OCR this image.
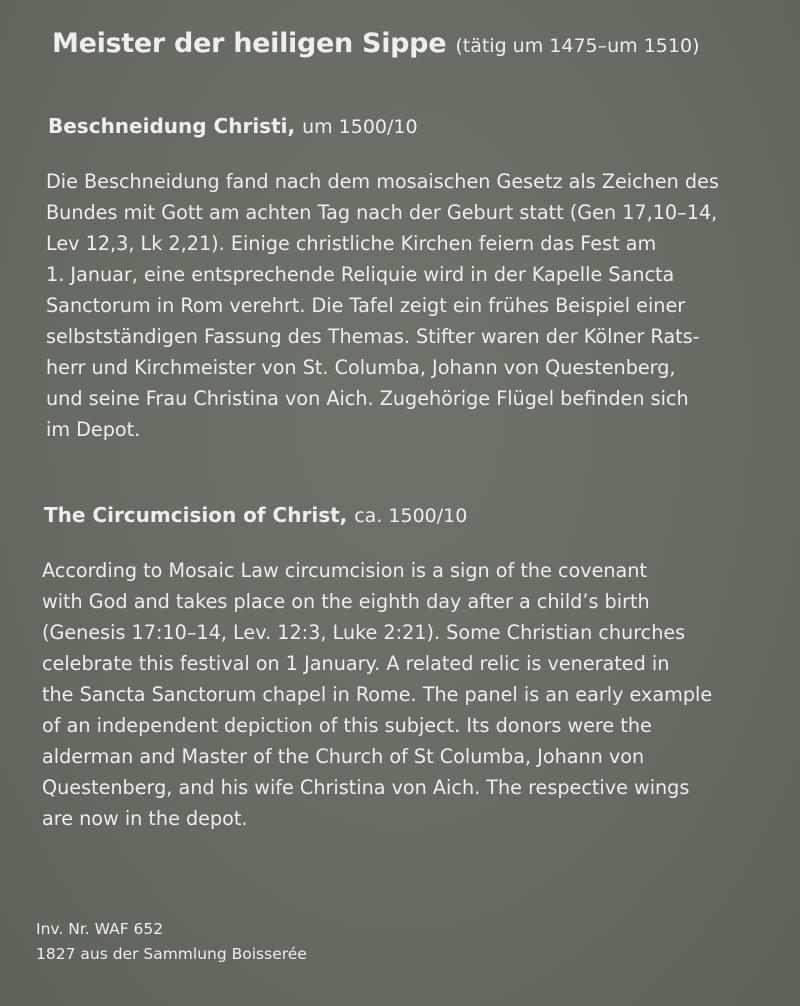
Meister der heiligen Sippe (tätig um 1475–um 1510)
Beschneidung Christi, um 1500/10
Die Beschneidung fand nach dem mosaischen Gesetz als Zeichen des
Bundes mit Gott am achten Tag nach der Geburt statt (Gen 17,10–14,
Lev 12,3, Lk 2,21). Einige christliche Kirchen feiern das Fest am
1. Januar, eine entsprechende Reliquie wird in der Kapelle Sancta
Sanctorum in Rom verehrt. Die Tafel zeigt ein frühes Beispiel einer
selbstständigen Fassung des Themas. Stifter waren der Kölner Rats-
herr und Kirchmeister von St. Columba, Johann von Questenberg,
und seine Frau Christina von Aich. Zugehörige Flügel befinden sich
im Depot.
The Circumcision of Christ, ca. 1500/10
According to Mosaic Law circumcision is a sign of the covenant
with God and takes place on the eighth day after a child’s birth
(Genesis 17:10–14, Lev. 12:3, Luke 2:21). Some Christian churches
celebrate this festival on 1 January. A related relic is venerated in
the Sancta Sanctorum chapel in Rome. The panel is an early example
of an independent depiction of this subject. Its donors were the
alderman and Master of the Church of St Columba, Johann von
Questenberg, and his wife Christina von Aich. The respective wings
are now in the depot.
Inv. Nr. WAF 652
1827 aus der Sammlung Boisserée
